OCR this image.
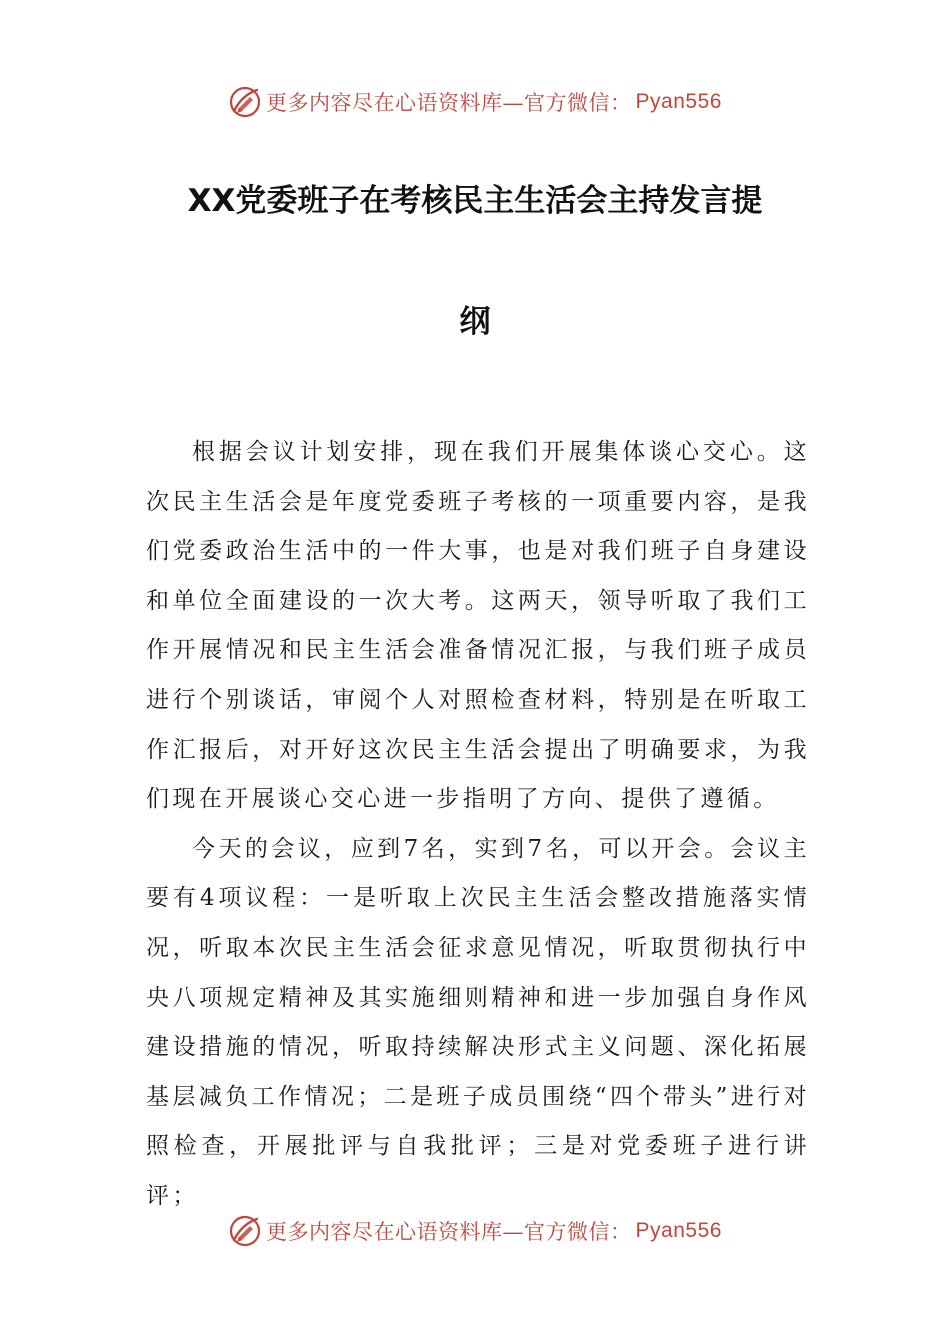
更多内容尽在心语资料库—官方微信： Pyan556
XX党委班子在考核民主生活会主持发言提
纲

根据会议计划安排，现在我们开展集体谈心交心。这次民主生活会是年度党委班子考核的一项重要内容，是我们党委政治生活中的一件大事，也是对我们班子自身建设和单位全面建设的一次大考。这两天，领导听取了我们工作开展情况和民主生活会准备情况汇报，与我们班子成员进行个别谈话，审阅个人对照检查材料，特别是在听取工作汇报后，对开好这次民主生活会提出了明确要求，为我们现在开展谈心交心进一步指明了方向、提供了遵循。

今天的会议，应到7名，实到7名，可以开会。会议主要有4项议程：一是听取上次民主生活会整改措施落实情况，听取本次民主生活会征求意见情况，听取贯彻执行中央八项规定精神及其实施细则精神和进一步加强自身作风建设措施的情况，听取持续解决形式主义问题、深化拓展基层减负工作情况；二是班子成员围绕“四个带头”进行对照检查，开展批评与自我批评；三是对党委班子进行讲评；

更多内容尽在心语资料库—官方微信： Pyan556
